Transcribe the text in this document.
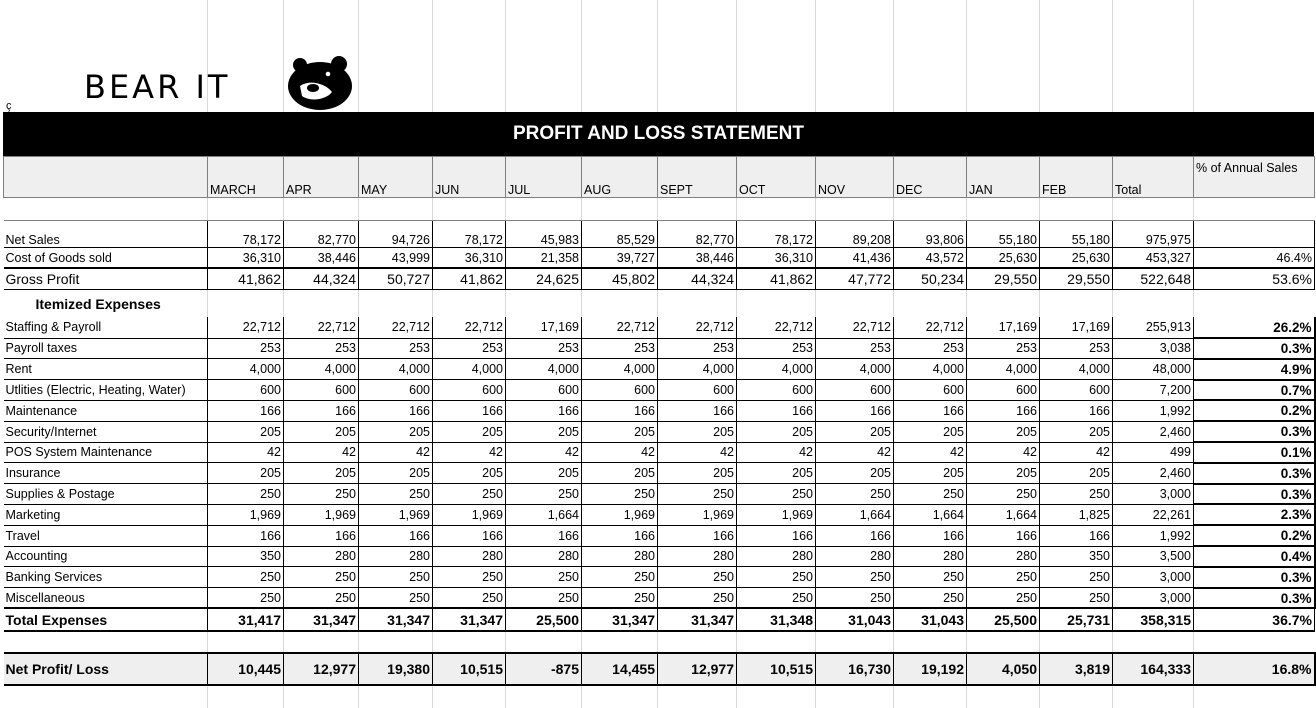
ç BEAR IT
PROFIT AND LOSS STATEMENT
	MARCH	APR	MAY	JUN	JUL	AUG	SEPT	OCT	NOV	DEC	JAN	FEB	Total	% of Annual Sales

Net Sales	78,172	82,770	94,726	78,172	45,983	85,529	82,770	78,172	89,208	93,806	55,180	55,180	975,975	
Cost of Goods sold	36,310	38,446	43,999	36,310	21,358	39,727	38,446	36,310	41,436	43,572	25,630	25,630	453,327	46.4%
Gross Profit	41,862	44,324	50,727	41,862	24,625	45,802	44,324	41,862	47,772	50,234	29,550	29,550	522,648	53.6%
Itemized Expenses														
Staffing & Payroll	22,712	22,712	22,712	22,712	17,169	22,712	22,712	22,712	22,712	22,712	17,169	17,169	255,913	26.2%
Payroll taxes	253	253	253	253	253	253	253	253	253	253	253	253	3,038	0.3%
Rent	4,000	4,000	4,000	4,000	4,000	4,000	4,000	4,000	4,000	4,000	4,000	4,000	48,000	4.9%
Utlities (Electric, Heating, Water)	600	600	600	600	600	600	600	600	600	600	600	600	7,200	0.7%
Maintenance	166	166	166	166	166	166	166	166	166	166	166	166	1,992	0.2%
Security/Internet	205	205	205	205	205	205	205	205	205	205	205	205	2,460	0.3%
POS System Maintenance	42	42	42	42	42	42	42	42	42	42	42	42	499	0.1%
Insurance	205	205	205	205	205	205	205	205	205	205	205	205	2,460	0.3%
Supplies & Postage	250	250	250	250	250	250	250	250	250	250	250	250	3,000	0.3%
Marketing	1,969	1,969	1,969	1,969	1,664	1,969	1,969	1,969	1,664	1,664	1,664	1,825	22,261	2.3%
Travel	166	166	166	166	166	166	166	166	166	166	166	166	1,992	0.2%
Accounting	350	280	280	280	280	280	280	280	280	280	280	350	3,500	0.4%
Banking Services	250	250	250	250	250	250	250	250	250	250	250	250	3,000	0.3%
Miscellaneous	250	250	250	250	250	250	250	250	250	250	250	250	3,000	0.3%
Total Expenses	31,417	31,347	31,347	31,347	25,500	31,347	31,347	31,348	31,043	31,043	25,500	25,731	358,315	36.7%

Net Profit/ Loss	10,445	12,977	19,380	10,515	-875	14,455	12,977	10,515	16,730	19,192	4,050	3,819	164,333	16.8%
